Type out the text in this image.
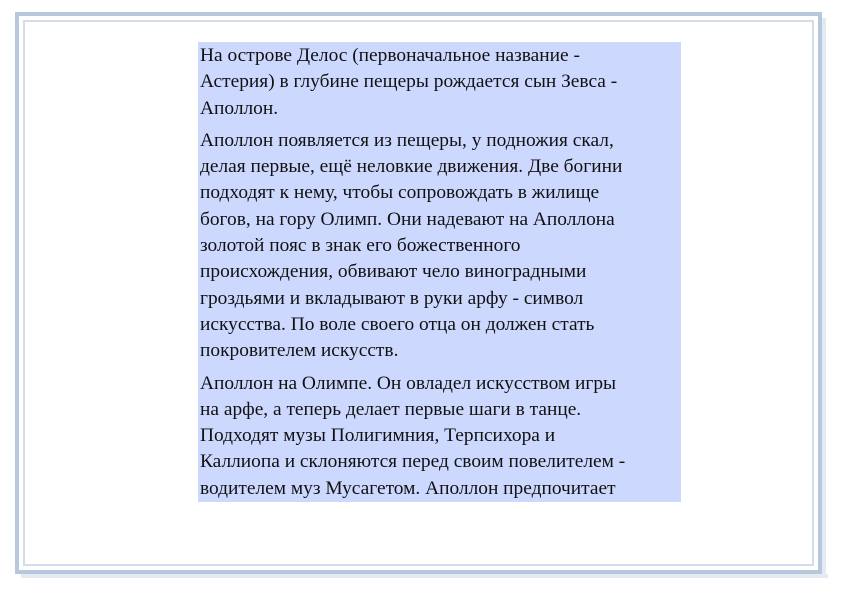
На острове Делос (первоначальное название -
Астерия) в глубине пещеры рождается сын Зевса -
Аполлон.

Аполлон появляется из пещеры, у подножия скал,
делая первые, ещё неловкие движения. Две богини
подходят к нему, чтобы сопровождать в жилище
богов, на гору Олимп. Они надевают на Аполлона
золотой пояс в знак его божественного
происхождения, обвивают чело виноградными
гроздьями и вкладывают в руки арфу - символ
искусства. По воле своего отца он должен стать
покровителем искусств.

Аполлон на Олимпе. Он овладел искусством игры
на арфе, а теперь делает первые шаги в танце.
Подходят музы Полигимния, Терпсихора и
Каллиопа и склоняются перед своим повелителем -
водителем муз Мусагетом. Аполлон предпочитает
